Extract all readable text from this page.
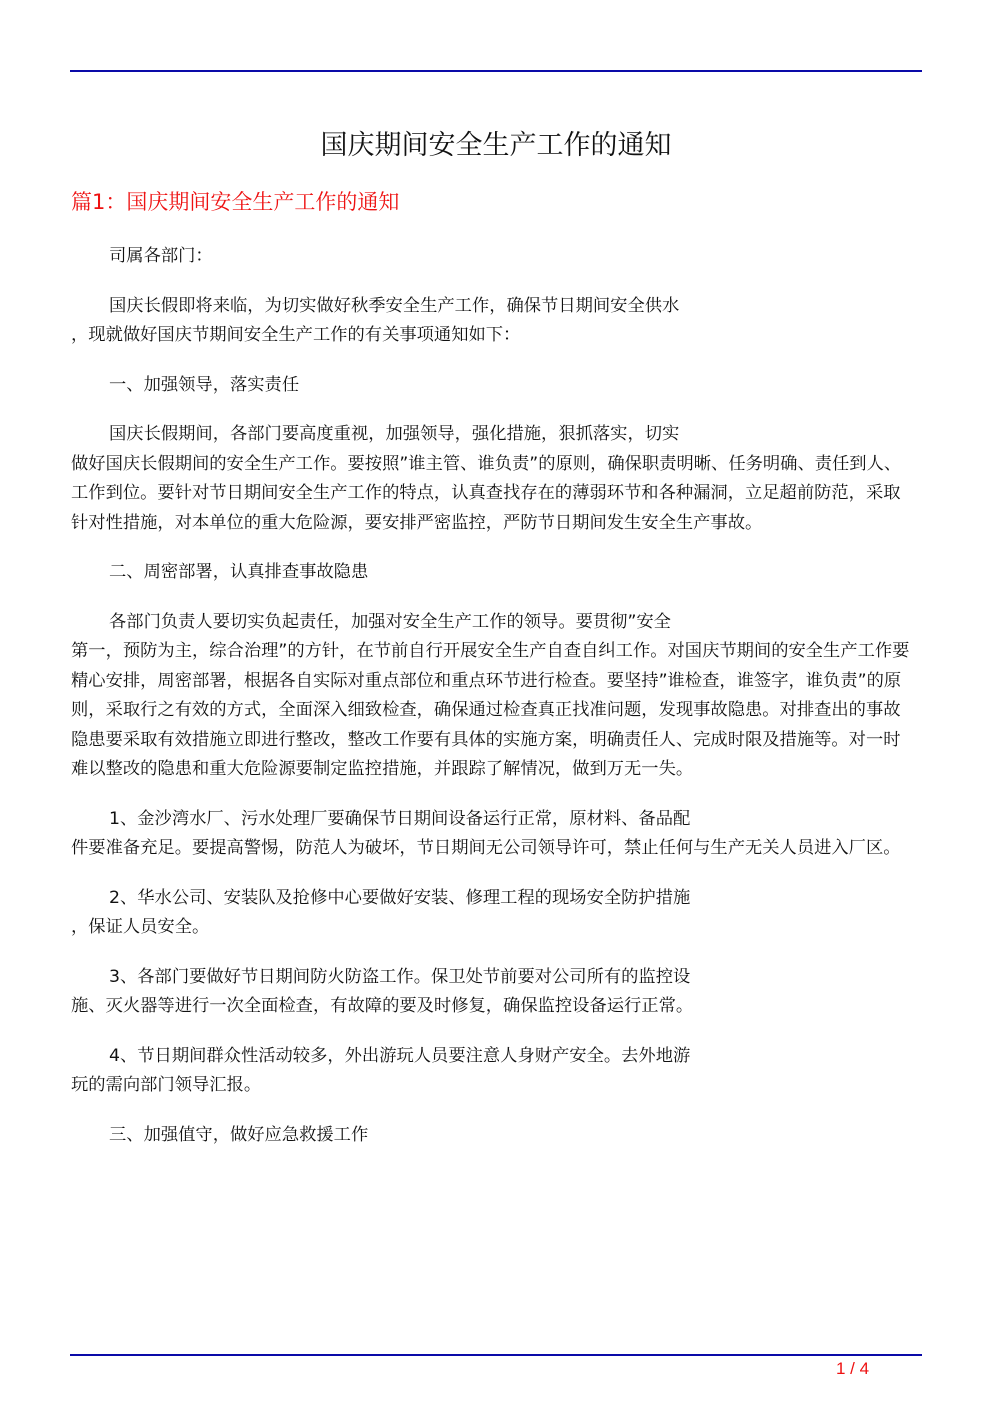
国庆期间安全生产工作的通知
篇1：国庆期间安全生产工作的通知

司属各部门：

国庆长假即将来临，为切实做好秋季安全生产工作，确保节日期间安全供水
，现就做好国庆节期间安全生产工作的有关事项通知如下：

一、加强领导，落实责任

国庆长假期间，各部门要高度重视，加强领导，强化措施，狠抓落实，切实
做好国庆长假期间的安全生产工作。要按照”谁主管、谁负责”的原则，确保职责明晰、任务明确、责任到人、工作到位。要针对节日期间安全生产工作的特点，认真查找存在的薄弱环节和各种漏洞，立足超前防范，采取针对性措施，对本单位的重大危险源，要安排严密监控，严防节日期间发生安全生产事故。

二、周密部署，认真排查事故隐患

各部门负责人要切实负起责任，加强对安全生产工作的领导。要贯彻”安全
第一，预防为主，综合治理”的方针，在节前自行开展安全生产自查自纠工作。对国庆节期间的安全生产工作要精心安排，周密部署，根据各自实际对重点部位和重点环节进行检查。要坚持”谁检查，谁签字，谁负责”的原则，采取行之有效的方式，全面深入细致检查，确保通过检查真正找准问题，发现事故隐患。对排查出的事故隐患要采取有效措施立即进行整改，整改工作要有具体的实施方案，明确责任人、完成时限及措施等。对一时难以整改的隐患和重大危险源要制定监控措施，并跟踪了解情况，做到万无一失。

1、金沙湾水厂、污水处理厂要确保节日期间设备运行正常，原材料、备品配
件要准备充足。要提高警惕，防范人为破坏，节日期间无公司领导许可，禁止任何与生产无关人员进入厂区。

2、华水公司、安装队及抢修中心要做好安装、修理工程的现场安全防护措施
，保证人员安全。

3、各部门要做好节日期间防火防盗工作。保卫处节前要对公司所有的监控设
施、灭火器等进行一次全面检查，有故障的要及时修复，确保监控设备运行正常。

4、节日期间群众性活动较多，外出游玩人员要注意人身财产安全。去外地游
玩的需向部门领导汇报。

三、加强值守，做好应急救援工作

1 / 4
